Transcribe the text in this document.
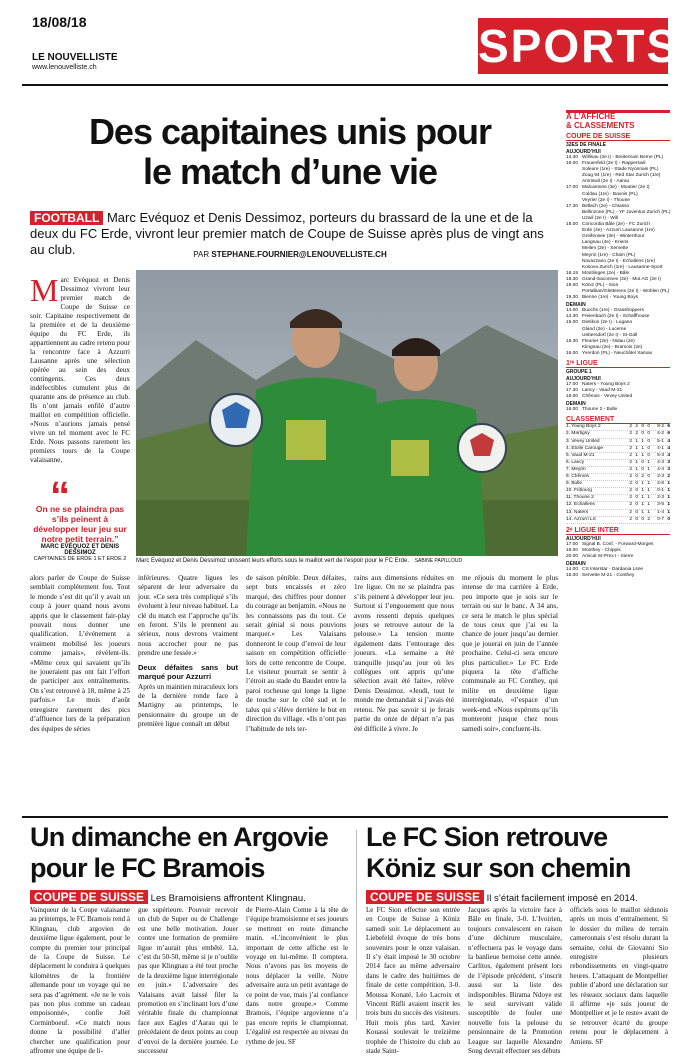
18/08/18
LE NOUVELLISTE
www.lenouvelliste.ch	SPORTS
Des capitaines unis pour
le match d’une vie
FOOTBALL Marc Evéquoz et Denis Dessimoz, porteurs du brassard de la une et de la deux du FC Erde, vivront leur premier match de Coupe de Suisse après plus de vingt ans au club.	PAR STEPHANE.FOURNIER@LENOUVELLISTE.CH
M arc Evéquoz et Denis Dessimoz vivront leur premier match de Coupe de Suisse ce soir. Capitaine respectivement de la première et de la deuxième équipe du FC Erde, ils appartiennent au cadre retenu pour la rencontre face à Azzurri Lausanne après une sélection opérée au sein des deux contingents. Ces deux indéfectibles cumulent plus de quarante ans de présence au club. Ils n’ont jamais enfilé d’autre maillot en compétition officielle. «Nous n’aurions jamais pensé vivre un tel moment avec le FC Erde. Nous passons rarement les premiers tours de la Coupe valaisanne,
“
On ne se plaindra pas s’ils peinent à développer leur jeu sur notre petit terrain.”
MARC EVÉQUOZ ET DENIS DESSIMOZ
CAPITAINES DE ERDE 1 ET ERDE 2	Marc Evéquoz et Denis Dessimoz unissent leurs efforts sous le maillot vert de l’espoir pour le FC Erde. SABINE PAPILLOUD
alors parler de Coupe de Suisse semblait complètement fou. Tout le monde s’est dit qu’il y avait un coup à jouer quand nous avons appris que le classement fair-play pouvait nous donner une qualification. L’événement a vraiment mobilisé les joueurs comme jamais», révèlent-ils. «Même ceux qui savaient qu’ils ne joueraient pas ont fait l’effort de participer aux entraînements. On s’est retrouvé à 18, même à 25 parfois.» Le mois d’août enregistre rarement des pics d’affluence lors de la préparation des équipes de séries
inférieures. Quatre ligues les séparent de leur adversaire du jour. «Ce sera très compliqué s’ils évoluent à leur niveau habituel. La clé du match est l’approche qu’ils en feront. S’ils le prennent au sérieux, nous devrons vraiment nous accrocher pour ne pas prendre une fessée.»
Deux défaites sans but marqué pour Azzurri
Après un maintien miraculeux lors de la dernière ronde face à Martigny au printemps, le pensionnaire du groupe un de première ligue connaît un début
de saison pénible. Deux défaites, sept buts encaissés et zéro marqué, des chiffres pour donner du courage au benjamin. «Nous ne les connaissons pas du tout. Ce serait génial si nous pouvions marquer.» Les Valaisans donneront le coup d’envoi de leur saison en compétition officielle lors de cette rencontre de Coupe. Le visiteur pourrait se sentir à l’étroit au stade du Baudet entre la paroi rocheuse qui longe la ligne de touche sur le côté sud et le talus qui s’élève derrière le but en direction du village. «Ils n’ont pas l’habitude de tels ter-
rains aux dimensions réduites en 1re ligue. On ne se plaindra pas s’ils peinent à développer leur jeu. Surtout si l’engouement que nous avons ressenti depuis quelques jours se retrouve autour de la pelouse.» La tension monte également dans l’entourage des joueurs. «La semaine a été tranquille jusqu’au jour où les collègues ont appris qu’une sélection avait été faite», relève Denis Dessimoz. «Jeudi, tout le monde me demandait si j’avais été retenu. Ne pas savoir si je ferais partie du onze de départ n’a pas été difficile à vivre. Je
me réjouis du moment le plus intense de ma carrière à Erde, peu importe que je sois sur le terrain ou sur le banc. A 34 ans, ce sera le match le plus spécial de tous ceux que j’ai eu la chance de jouer jusqu’au dernier que je jouerai en juin de l’année prochaine. Celui-ci sera encore plus particulier.» Le FC Erde piquera la tête d’affiche communale au FC Conthey, qui milite en deuxième ligue interrégionale, «l’espace d’un week-end. «Nous espérons qu’ils monteront jusque chez nous samedi soir», concluent-ils.
À L’AFFICHE
& CLASSEMENTS
COUPE DE SUISSE
32ES DE FINALE
AUJOURD’HUI
14.30 Willisau (2e I) - Breitenrain Berne (PL)
16.00 Frauenfeld (2e I) - Rapperswil
Soleure (1re) - Stade Nyonnais (PL)
Zoug 94 (1re) - Red Star Zurich (1re)
Amriswil (2e I) - Aarau
17.00 Malcantone (3e) - Moutier (2e I)
Coldau (1re) - Bavois (PL)
Veyrier (2e I) - Thoune
17.30 Bellach (2e) - Chiasso
Bellinzone (PL) - YF Juventus Zurich (PL)
Uzwil (2e I) - Will
18.00 Concordia Bâle (2e) - FC Zurich
Erde (4e) - Azzurri Lausanne (1re)
Greifensee (3e) - Winterthour
Langnau (4e) - Kriens
Meilen (3e) - Servette
Meyrin (1re) - Cham (PL)
Novazzano (2e I) - Echallens (1re)
Kosova Zurich (1re) - Lausanne-Sport
18.15 Montlingen (2e) - Bâle
18.30 Grand-Saconnex (2e) - Mut AG (2e I)
19.00 Köniz (PL) - Sion
Portalban/Gletterens (2e I) - Wohlen (PL)
19.30 Bienne (1re) - Young Boys
DEMAIN
14.00 Buochs (1re) - Grasshoppers
14.30 Freienbach (2e I) - Schaffhouse
15.00 Dietikon (2e I) - Lugano
Gland (2e) - Lucerne
Uebersdorf (2e I) - St-Gall
15.30 Fleurier (2e) - Nidau (2e)
Klingnau (2e) - Bramois (2e)
16.00 Yverdon (PL) - Neuchâtel Xamax
1ʳᵉ LIGUE
GROUPE 1
AUJOURD’HUI
17.00 Naters - Young Boys 2
17.30 Lancy - Vaud M-21
18.00 Chênois - Vevey United
DEMAIN
16.00 Thoune 2 - Bulle
CLASSEMENT
1. Young Boys 2	2 2 0 0	8-2 6
2. Martigny	2 2 0 0	4-2 6
3. Vevey United	2 1 1 0	5-1 4
4. Etoile Carouge	2 1 1 0	4-1 4
5. Vaud M-21	2 1 1 0	5-3 4
6. Lancy	2 1 0 1	4-3 3
7. Meyrin	2 1 0 1	4-4 3
8. Chênois	2 0 2 0	3-3 2
9. Bulle	2 0 1 1	4-6 1
10. Fribourg	2 0 1 1	0-1 1
11. Thoune 2	2 0 1 1	2-3 1
12. Echallens	2 0 1 1	3-5 1
13. Naters	2 0 1 1	1-4 1
14. Azzurri LS	2 0 0 2	0-7 0
2ᵉ LIGUE INTER
AUJOURD’HUI
17.00 Signal B. Conf. - Forward-Morges
18.00 Monthey - Chippis
20.00 Amical St-Prex I - Sierre
DEMAIN
14.00 CS Interstar - Dardania Lsne
15.00 Servette M-21 - Conthey
Un dimanche en Argovie
pour le FC Bramois
COUPE DE SUISSE Les Bramoisiens affrontent Klingnau.
Vainqueur de la Coupe valaisanne au printemps, le FC Bramois rend à Klingnau, club argovien de deuxième ligue également, pour le compte du premier tour principal de la Coupe de Suisse. Le déplacement le conduira à quelques kilomètres de la frontière allemande pour un voyage qui ne sera pas d’agrément. «Je ne le vois pas non plus comme un cadeau empoisonné», confie Joël Corminboeuf. «Ce match nous donne la possibilité d’aller chercher une qualification pour affronter une équipe de li-
gue supérieure. Pouvoir recevoir un club de Super ou de Challenge est une belle motivation. Jouer contre une formation de première ligue m’aurait plus embêté. Là, c’est du 50-50, même si je n’oublie pas que Klingnau a été tout proche de la deuxième ligue interrégionale en juin.» L’adversaire des Valaisans avait laissé filer la promotion en s’inclinant lors d’une véritable finale du championnat face aux Eagles d’Aarau qui le précédaient de deux points au coup d’envoi de la dernière journée. Le successeur
de Pierre-Alain Comte à la tête de l’équipe bramoisienne et ses joueurs se mettront en route dimanche matin. «L’inconvénient le plus important de cette affiche est le voyage en lui-même. Il comptera. Nous n’avons pas les moyens de nous déplacer la veille. Notre adversaire aura un petit avantage de ce point de vue, mais j’ai confiance dans notre groupe.» Comme Bramois, l’équipe argovienne n’a pas encore repris le championnat. L’égalité est respectée au niveau du rythme de jeu. SF
Le FC Sion retrouve
Köniz sur son chemin
COUPE DE SUISSE Il s’était facilement imposé en 2014.
Le FC Sion effectue son entrée en Coupe de Suisse à Köniz samedi soir. Le déplacement au Liebefeld évoque de très bons souvenirs pour le onze valaisan. Il s’y était imposé le 30 octobre 2014 face au même adversaire dans le cadre des huitièmes de finale de cette compétition, 3-0. Moussa Konaté, Léo Lacroix et Vincent Rüfli avaient inscrit les trois buts du succès des visiteurs. Huit mois plus tard, Xavier Kouassi soulevait le treizième trophée de l’histoire du club au stade Saint-
Jacques après la victoire face à Bâle en finale, 3-0. L’Ivoirien, toujours convalescent en raison d’une déchirure musculaire, n’effectuera pas le voyage dans la banlieue bernoise cette année. Carlitos, également présent lors de l’épisode précédent, s’inscrit aussi sur la liste des indisponibles. Birama Ndoye est le seul survivant valide susceptible de fouler une nouvelle fois la pelouse du pensionnaire de la Promotion League sur laquelle Alexandre Song devrait effectuer ses débuts
officiels sous le maillot sédunois après un mois d’entraînement. Si le dossier du milieu de terrain camerounais s’est résolu durant la semaine, celui de Giovanni Sio enregistre plusieurs rebondissements en vingt-quatre heures. L’attaquant de Montpellier publie d’abord une déclaration sur les réseaux sociaux dans laquelle il affirme «je suis joueur de Montpellier et je le reste» avant de se retrouver écarté du groupe retenu pour le déplacement à Amiens. SF
